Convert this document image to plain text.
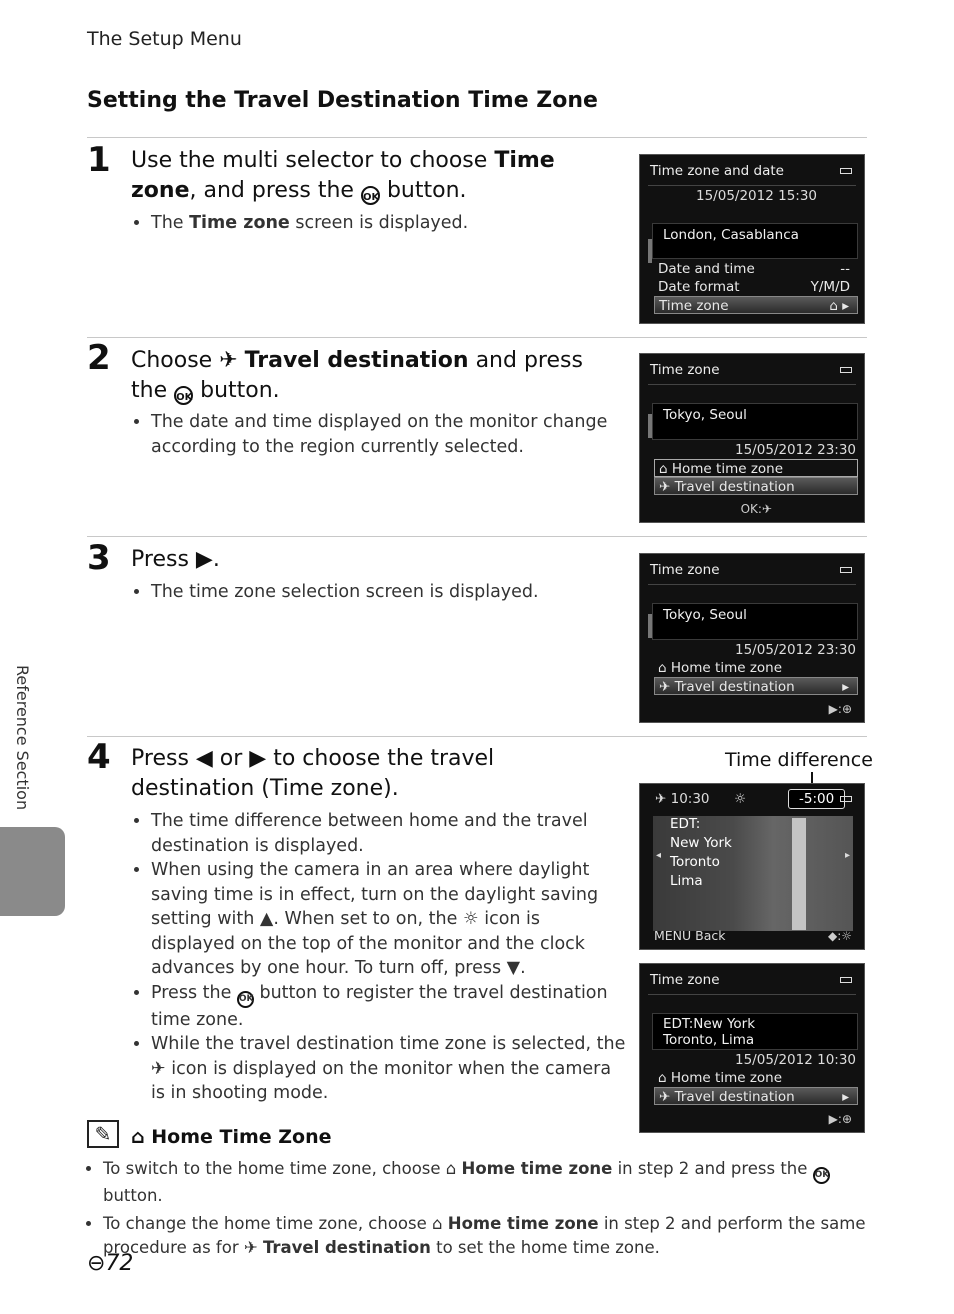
The Setup Menu
Setting the Travel Destination Time Zone
1 Use the multi selector to choose Time zone, and press the OK button.
• The Time zone screen is displayed.
Time zone and date
15/05/2012 15:30
London, Casablanca
Date and time	--
Date format	Y/M/D
Time zone	⌂ ▸
2 Choose ✈ Travel destination and press the OK button.
• The date and time displayed on the monitor change according to the region currently selected.
Time zone
Tokyo, Seoul
15/05/2012 23:30
⌂ Home time zone
✈ Travel destination
OK:✈
3 Press ▶.
• The time zone selection screen is displayed.
Time zone
Tokyo, Seoul
15/05/2012 23:30
⌂ Home time zone
✈ Travel destination	▸
▶:⊕
4 Press ◀ or ▶ to choose the travel destination (Time zone).
• The time difference between home and the travel destination is displayed.
• When using the camera in an area where daylight saving time is in effect, turn on the daylight saving setting with ▲. When set to on, the ☼ icon is displayed on the top of the monitor and the clock advances by one hour. To turn off, press ▼.
• Press the OK button to register the travel destination time zone.
• While the travel destination time zone is selected, the ✈ icon is displayed on the monitor when the camera is in shooting mode.
Time difference
✈ 10:30 ☼	-5:00
EDT:
New York
Toronto
Lima
◂	▸
MENU Back	◆:☼
Time zone
EDT:New York
Toronto, Lima
15/05/2012 10:30
⌂ Home time zone
✈ Travel destination	▸
▶:⊕
✎	⌂ Home Time Zone
• To switch to the home time zone, choose ⌂ Home time zone in step 2 and press the OK button.
• To change the home time zone, choose ⌂ Home time zone in step 2 and perform the same procedure as for ✈ Travel destination to set the home time zone.
Reference Section
⊖72
